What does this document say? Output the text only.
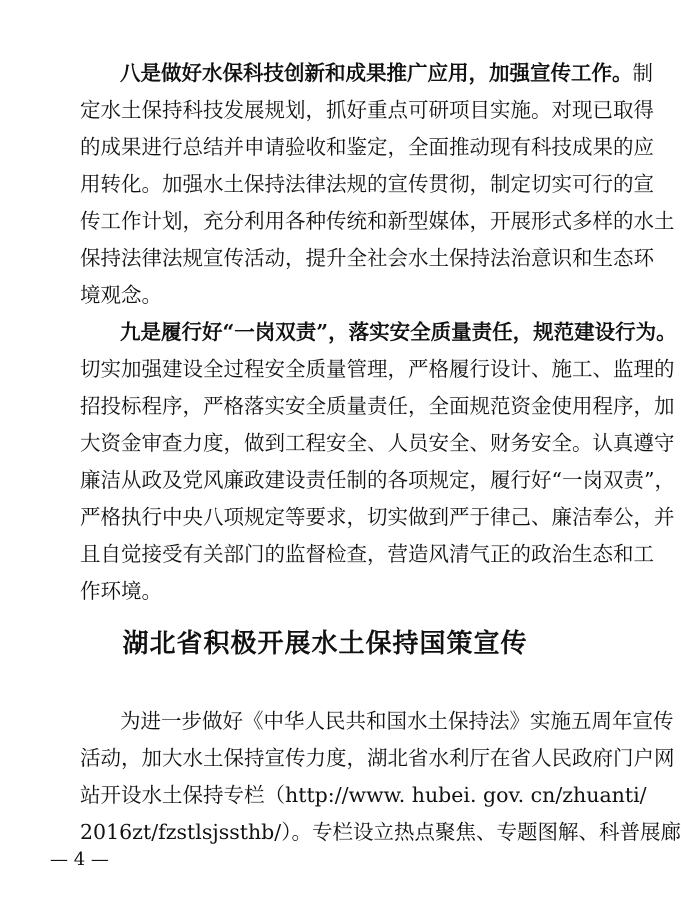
八是做好水保科技创新和成果推广应用，加强宣传工作。制
定水土保持科技发展规划，抓好重点可研项目实施。对现已取得
的成果进行总结并申请验收和鉴定，全面推动现有科技成果的应
用转化。加强水土保持法律法规的宣传贯彻，制定切实可行的宣
传工作计划，充分利用各种传统和新型媒体，开展形式多样的水土
保持法律法规宣传活动，提升全社会水土保持法治意识和生态环
境观念。
九是履行好“一岗双责”，落实安全质量责任，规范建设行为。
切实加强建设全过程安全质量管理，严格履行设计、施工、监理的
招投标程序，严格落实安全质量责任，全面规范资金使用程序，加
大资金审查力度，做到工程安全、人员安全、财务安全。认真遵守
廉洁从政及党风廉政建设责任制的各项规定，履行好“一岗双责”，
严格执行中央八项规定等要求，切实做到严于律己、廉洁奉公，并
且自觉接受有关部门的监督检查，营造风清气正的政治生态和工
作环境。
湖北省积极开展水土保持国策宣传
为进一步做好《中华人民共和国水土保持法》实施五周年宣传
活动，加大水土保持宣传力度，湖北省水利厅在省人民政府门户网
站开设水土保持专栏（http://www. hubei. gov. cn/zhuanti/
2016zt/fzstlsjssthb/）。专栏设立热点聚焦、专题图解、科普展廊
— 4 —
